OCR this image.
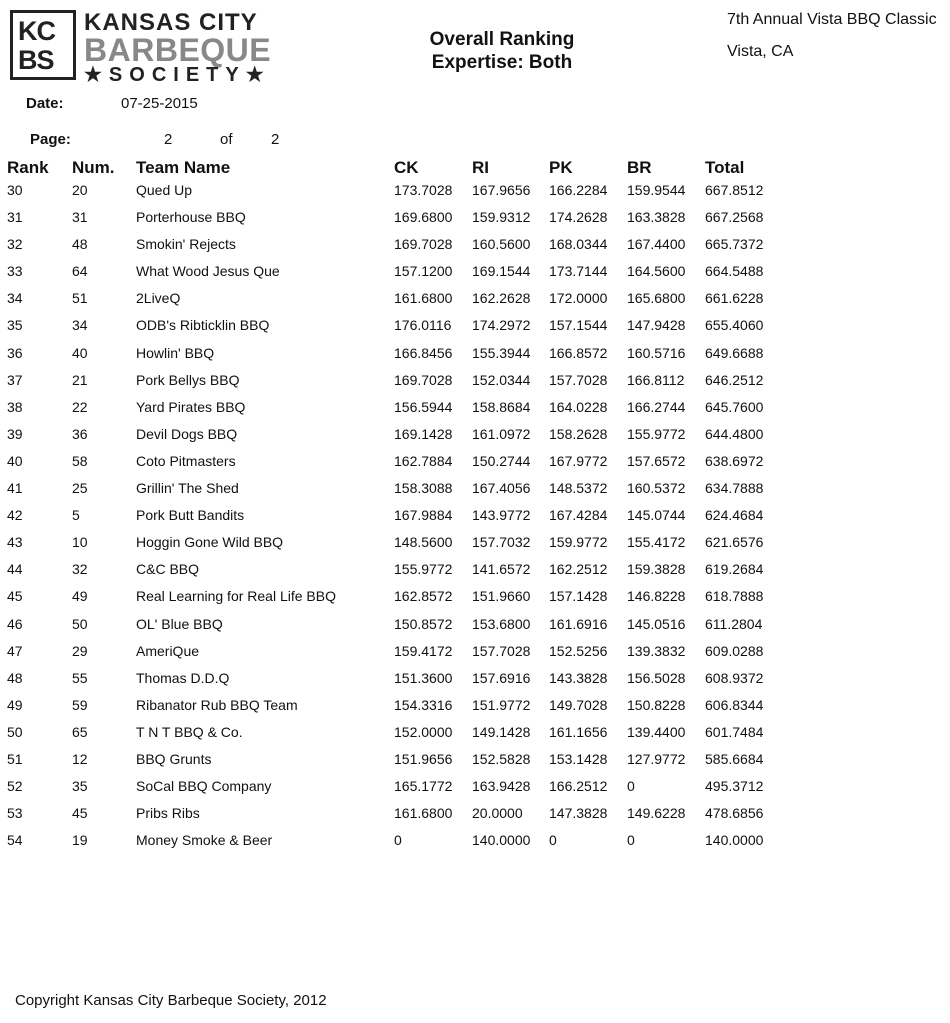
KC
BS
KANSAS CITY
BARBEQUE
★SOCIETY★
Overall Ranking
Expertise: Both
7th Annual Vista BBQ Classic
Vista, CA
Date:	07-25-2015
Page:	2	of	2
Rank Num. Team Name	CK	RI	PK	BR	Total
30	20	Qued Up	173.7028 167.9656 166.2284 159.9544 667.8512
31	31	Porterhouse BBQ	169.6800 159.9312 174.2628 163.3828 667.2568
32	48	Smokin' Rejects	169.7028 160.5600 168.0344 167.4400 665.7372
33	64	What Wood Jesus Que	157.1200 169.1544 173.7144 164.5600 664.5488
34	51	2LiveQ	161.6800 162.2628 172.0000 165.6800 661.6228
35	34	ODB's Ribticklin BBQ	176.0116 174.2972 157.1544 147.9428 655.4060
36	40	Howlin' BBQ	166.8456 155.3944 166.8572 160.5716 649.6688
37	21	Pork Bellys BBQ	169.7028 152.0344 157.7028 166.8112 646.2512
38	22	Yard Pirates BBQ	156.5944 158.8684 164.0228 166.2744 645.7600
39	36	Devil Dogs BBQ	169.1428 161.0972 158.2628 155.9772 644.4800
40	58	Coto Pitmasters	162.7884 150.2744 167.9772 157.6572 638.6972
41	25	Grillin' The Shed	158.3088 167.4056 148.5372 160.5372 634.7888
42	5	Pork Butt Bandits	167.9884 143.9772 167.4284 145.0744 624.4684
43	10	Hoggin Gone Wild BBQ	148.5600 157.7032 159.9772 155.4172 621.6576
44	32	C&C BBQ	155.9772 141.6572 162.2512 159.3828 619.2684
45	49	Real Learning for Real Life BBQ	162.8572 151.9660 157.1428 146.8228 618.7888
46	50	OL' Blue BBQ	150.8572 153.6800 161.6916 145.0516 611.2804
47	29	AmeriQue	159.4172 157.7028 152.5256 139.3832 609.0288
48	55	Thomas D.D.Q	151.3600 157.6916 143.3828 156.5028 608.9372
49	59	Ribanator Rub BBQ Team	154.3316 151.9772 149.7028 150.8228 606.8344
50	65	T N T BBQ & Co.	152.0000 149.1428 161.1656 139.4400 601.7484
51	12	BBQ Grunts	151.9656 152.5828 153.1428 127.9772 585.6684
52	35	SoCal BBQ Company	165.1772 163.9428 166.2512 0	495.3712
53	45	Pribs Ribs	161.6800 20.0000 147.3828 149.6228 478.6856
54	19	Money Smoke & Beer	0	140.0000 0	0	140.0000
Copyright Kansas City Barbeque Society, 2012
